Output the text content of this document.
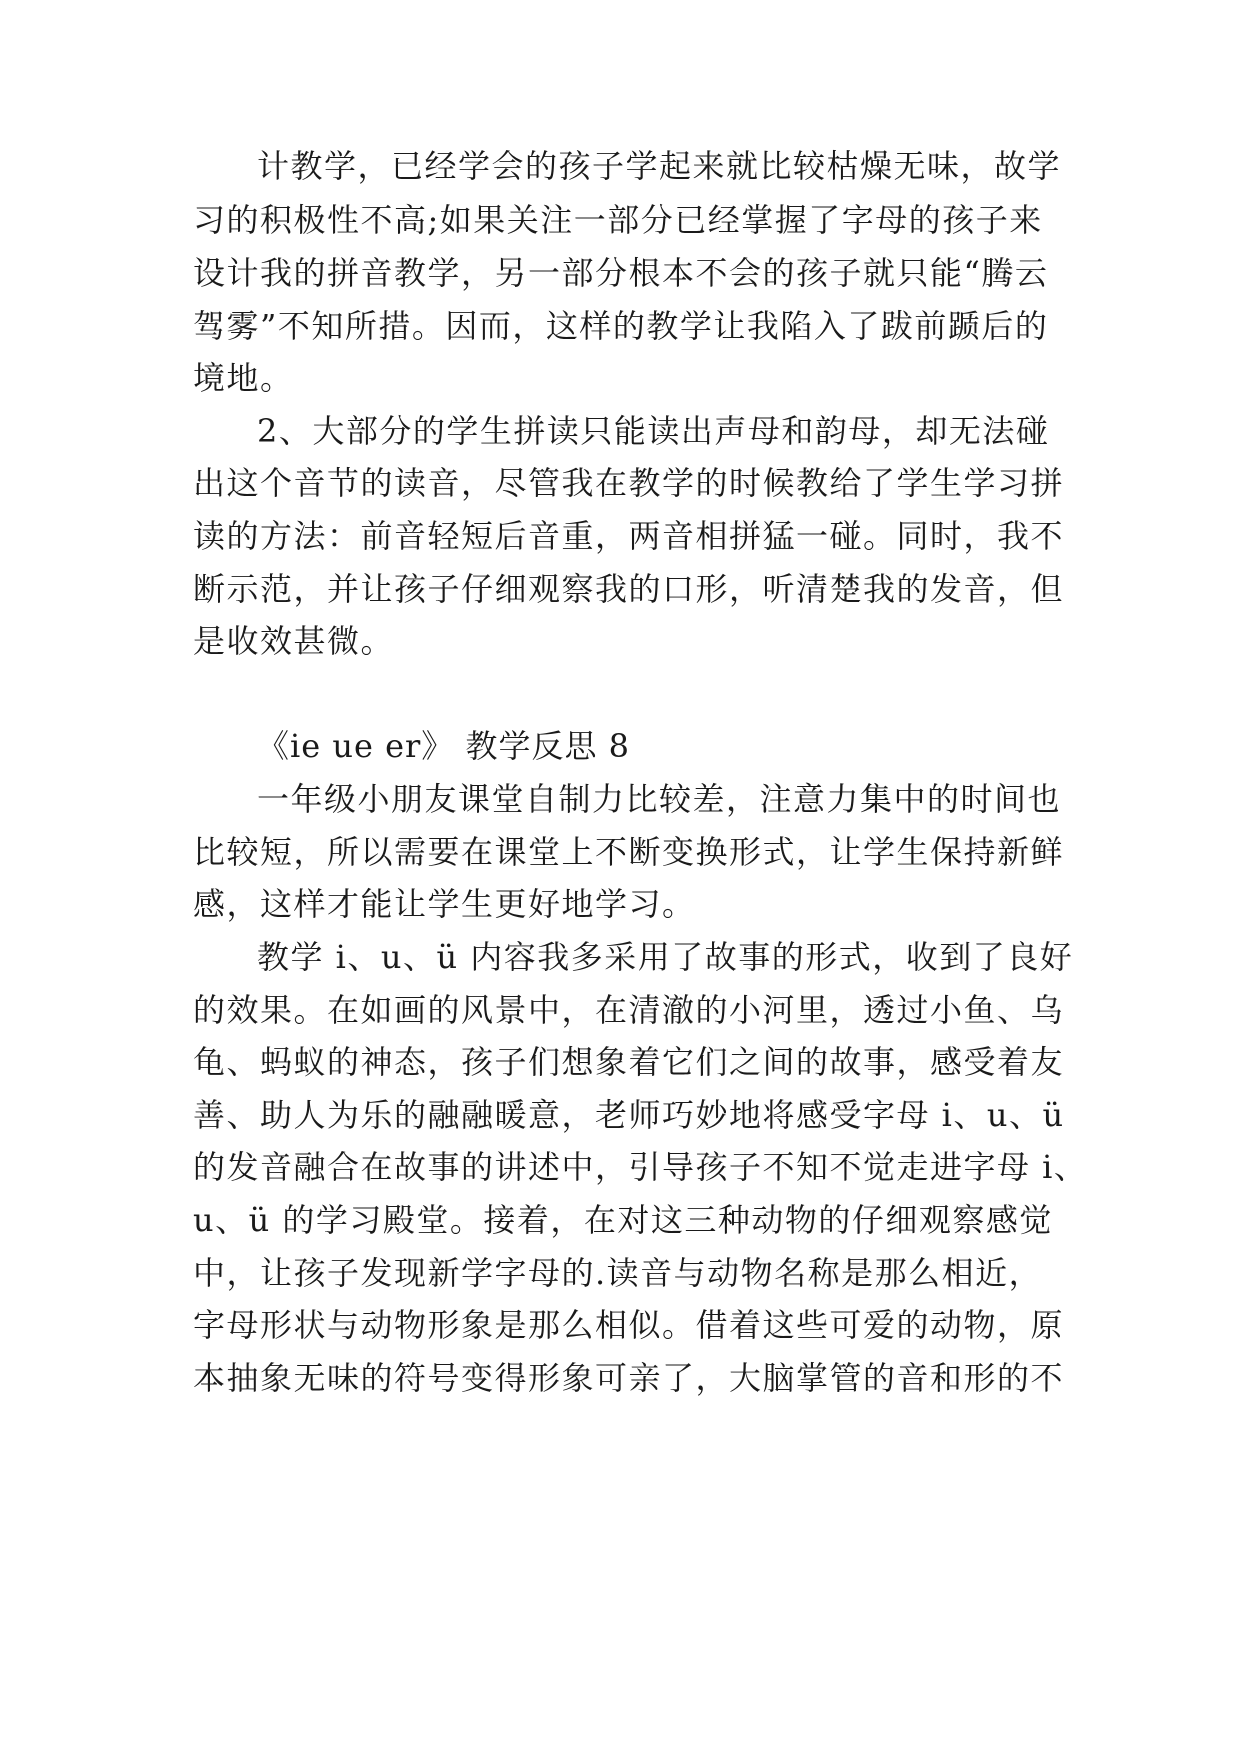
计教学，已经学会的孩子学起来就比较枯燥无味，故学
习的积极性不高;如果关注一部分已经掌握了字母的孩子来
设计我的拼音教学，另一部分根本不会的孩子就只能“腾云
驾雾”不知所措。因而，这样的教学让我陷入了跋前踬后的
境地。
2、大部分的学生拼读只能读出声母和韵母，却无法碰
出这个音节的读音，尽管我在教学的时候教给了学生学习拼
读的方法：前音轻短后音重，两音相拼猛一碰。同时，我不
断示范，并让孩子仔细观察我的口形，听清楚我的发音，但
是收效甚微。
《ie ue er》 教学反思 8
一年级小朋友课堂自制力比较差，注意力集中的时间也
比较短，所以需要在课堂上不断变换形式，让学生保持新鲜
感，这样才能让学生更好地学习。
教学 i、u、ü 内容我多采用了故事的形式，收到了良好
的效果。在如画的风景中，在清澈的小河里，透过小鱼、乌
龟、蚂蚁的神态，孩子们想象着它们之间的故事，感受着友
善、助人为乐的融融暖意，老师巧妙地将感受字母 i、u、ü
的发音融合在故事的讲述中，引导孩子不知不觉走进字母 i、
u、ü 的学习殿堂。接着，在对这三种动物的仔细观察感觉
中，让孩子发现新学字母的.读音与动物名称是那么相近，
字母形状与动物形象是那么相似。借着这些可爱的动物，原
本抽象无味的符号变得形象可亲了，大脑掌管的音和形的不
